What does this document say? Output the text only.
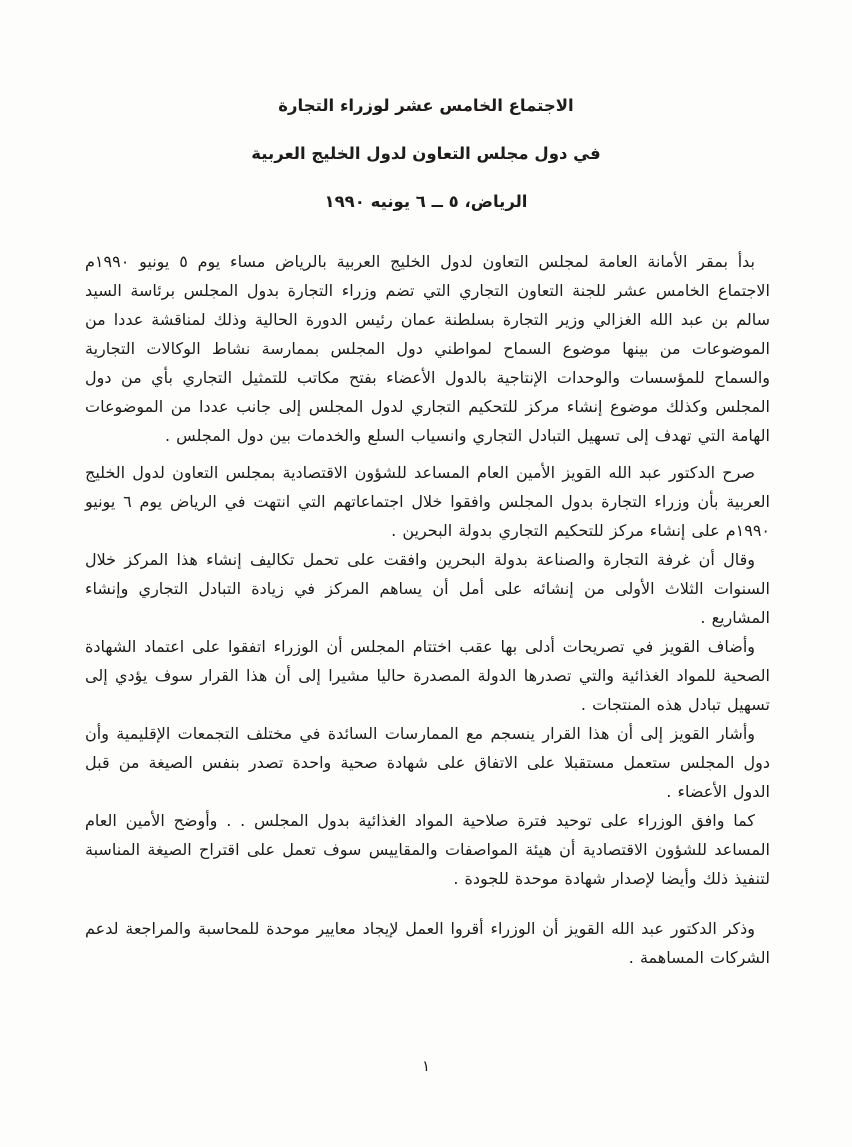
الاجتماع الخامس عشر لوزراء التجارة
في دول مجلس التعاون لدول الخليج العربية
الرياض، ٥ ــ ٦ يونيه ١٩٩٠

بدأ بمقر الأمانة العامة لمجلس التعاون لدول الخليج العربية بالرياض مساء يوم ٥ يونيو ١٩٩٠م الاجتماع الخامس عشر للجنة التعاون التجاري التي تضم وزراء التجارة بدول المجلس برئاسة السيد سالم بن عبد الله الغزالي وزير التجارة بسلطنة عمان رئيس الدورة الحالية وذلك لمناقشة عددا من الموضوعات من بينها موضوع السماح لمواطني دول المجلس بممارسة نشاط الوكالات التجارية والسماح للمؤسسات والوحدات الإنتاجية بالدول الأعضاء بفتح مكاتب للتمثيل التجاري بأي من دول المجلس وكذلك موضوع إنشاء مركز للتحكيم التجاري لدول المجلس إلى جانب عددا من الموضوعات الهامة التي تهدف إلى تسهيل التبادل التجاري وانسياب السلع والخدمات بين دول المجلس .

صرح الدكتور عبد الله القويز الأمين العام المساعد للشؤون الاقتصادية بمجلس التعاون لدول الخليج العربية بأن وزراء التجارة بدول المجلس وافقوا خلال اجتماعاتهم التي انتهت في الرياض يوم ٦ يونيو ١٩٩٠م على إنشاء مركز للتحكيم التجاري بدولة البحرين .

وقال أن غرفة التجارة والصناعة بدولة البحرين وافقت على تحمل تكاليف إنشاء هذا المركز خلال السنوات الثلاث الأولى من إنشائه على أمل أن يساهم المركز في زيادة التبادل التجاري وإنشاء المشاريع .

وأضاف القويز في تصريحات أدلى بها عقب اختتام المجلس أن الوزراء اتفقوا على اعتماد الشهادة الصحية للمواد الغذائية والتي تصدرها الدولة المصدرة حاليا مشيرا إلى أن هذا القرار سوف يؤدي إلى تسهيل تبادل هذه المنتجات .

وأشار القويز إلى أن هذا القرار ينسجم مع الممارسات السائدة في مختلف التجمعات الإقليمية وأن دول المجلس ستعمل مستقبلا على الاتفاق على شهادة صحية واحدة تصدر بنفس الصيغة من قبل الدول الأعضاء .

كما وافق الوزراء على توحيد فترة صلاحية المواد الغذائية بدول المجلس . . وأوضح الأمين العام المساعد للشؤون الاقتصادية أن هيئة المواصفات والمقاييس سوف تعمل على اقتراح الصيغة المناسبة لتنفيذ ذلك وأيضا لإصدار شهادة موحدة للجودة .

وذكر الدكتور عبد الله القويز أن الوزراء أقروا العمل لإيجاد معايير موحدة للمحاسبة والمراجعة لدعم الشركات المساهمة .

١
